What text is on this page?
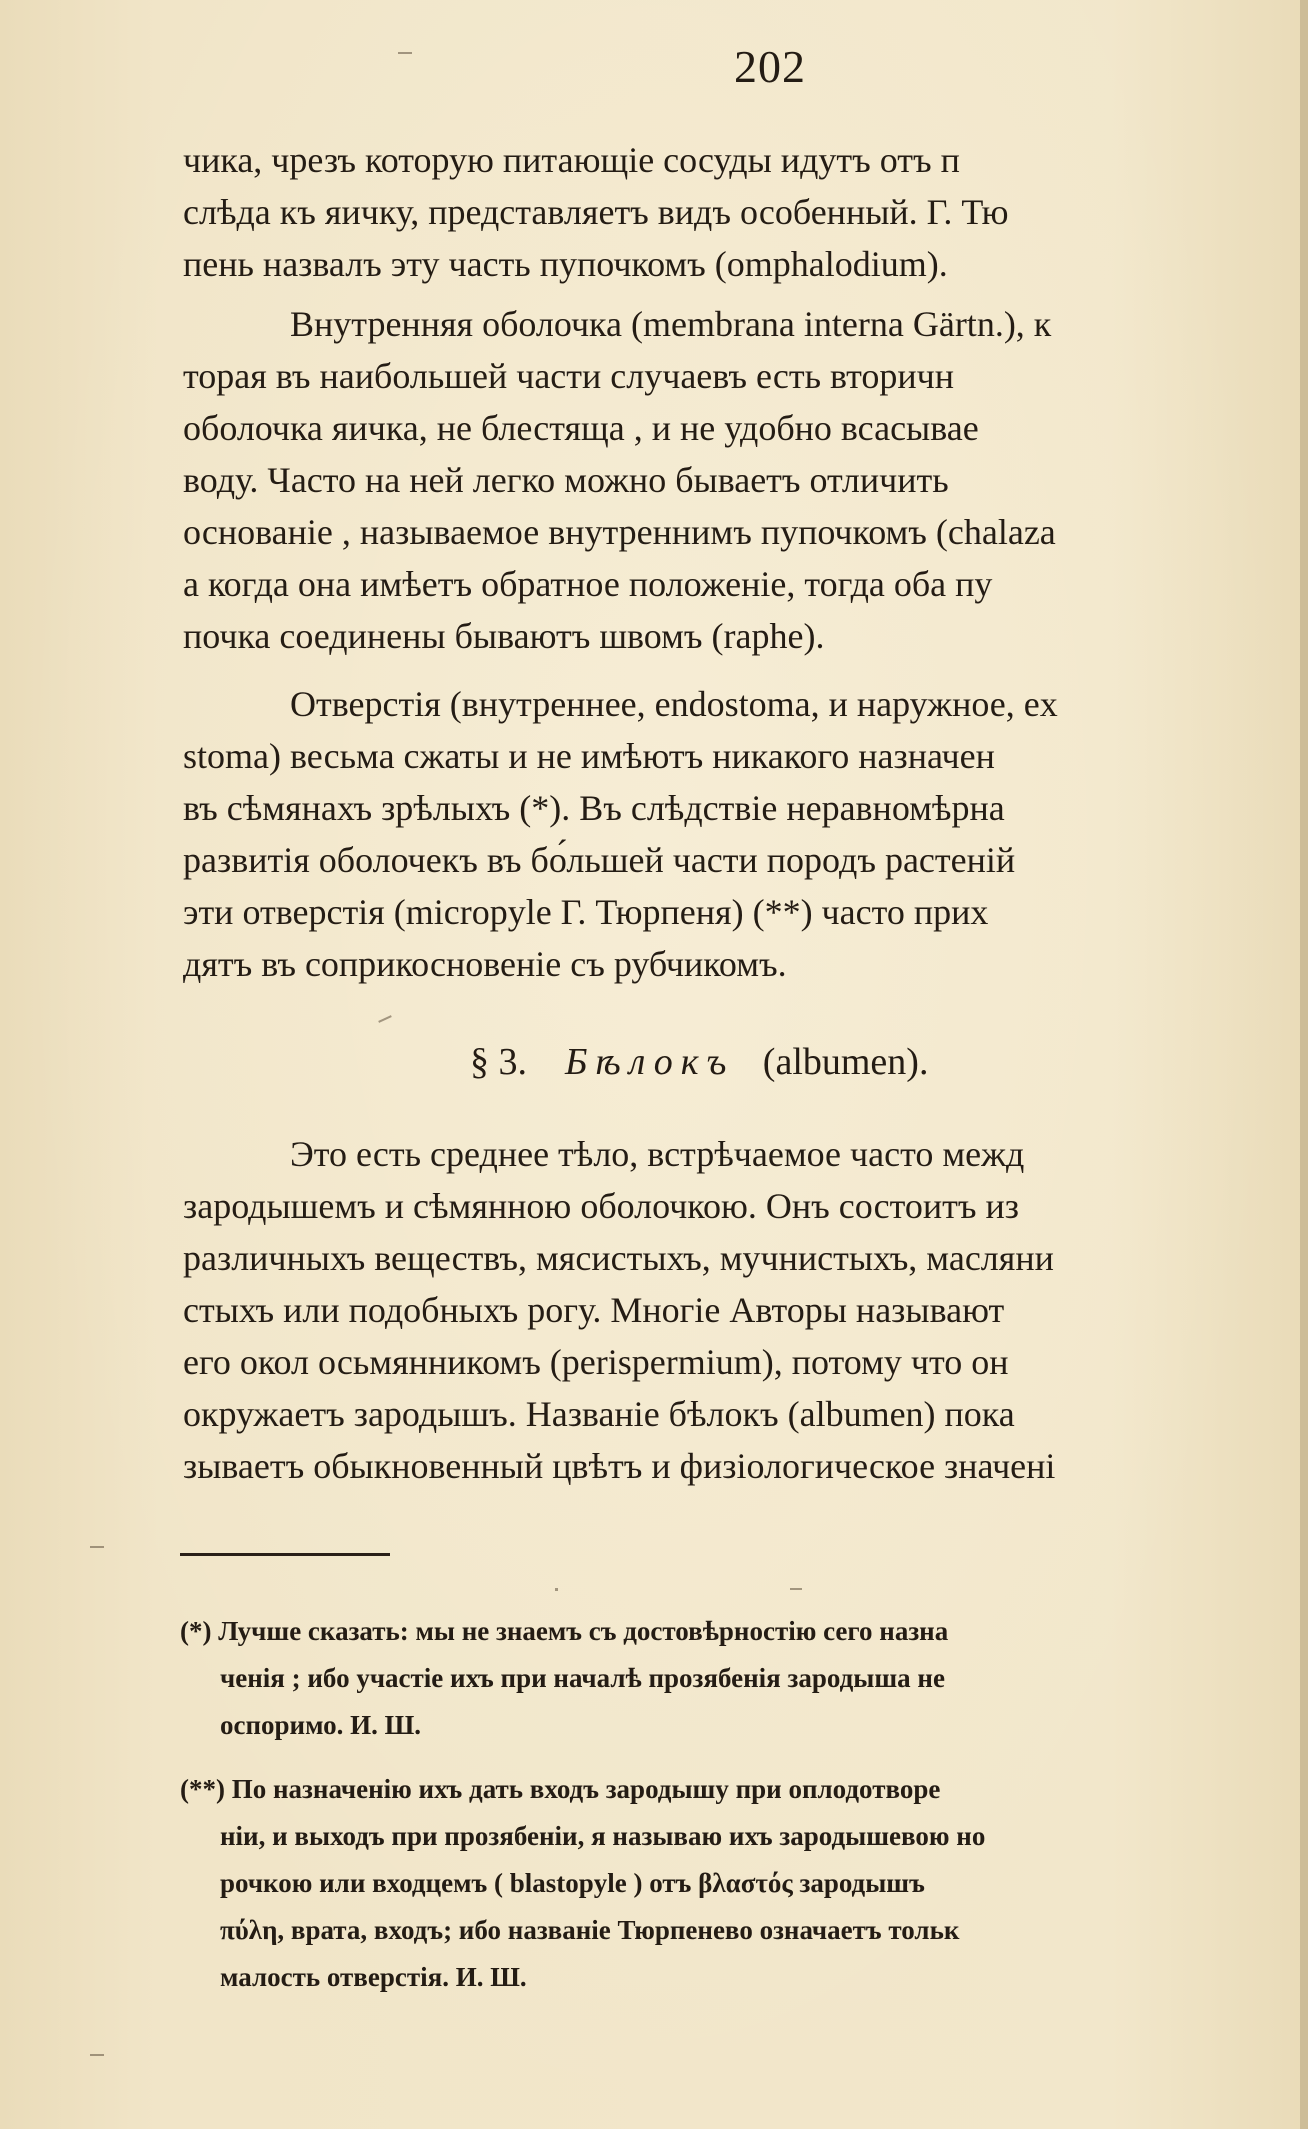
202
чика, чрезъ которую питающіе сосуды идутъ отъ п
слѣда къ яичку, представляетъ видъ особенный. Г. Тю
пень назвалъ эту часть пупочкомъ (omphalodium).
Внутренняя оболочка (membrana interna Gärtn.), к
торая въ наибольшей части случаевъ есть вторичн
оболочка яичка, не блестяща , и не удобно всасывае
воду. Часто на ней легко можно бываетъ отличить
основаніе , называемое внутреннимъ пупочкомъ (chalaza
а когда она имѣетъ обратное положеніе, тогда оба пу
почка соединены бываютъ швомъ (raphe).
Отверстія (внутреннее, endostoma, и наружное, ex
stoma) весьма сжаты и не имѣютъ никакого назначен
въ сѣмянахъ зрѣлыхъ (*). Въ слѣдствіе неравномѣрна
развитія оболочекъ въ бо́льшей части породъ растеній
эти отверстія (micropyle Г. Тюрпеня) (**) часто прих
дятъ въ соприкосновеніе съ рубчикомъ.
§ 3. Бѣлокъ (albumen).
Это есть среднее тѣло, встрѣчаемое часто межд
зародышемъ и сѣмянною оболочкою. Онъ состоитъ из
различныхъ веществъ, мясистыхъ, мучнистыхъ, масляни
стыхъ или подобныхъ рогу. Многіе Авторы называют
его окол осьмянникомъ (perispermium), потому что он
окружаетъ зародышъ. Названіе бѣлокъ (albumen) пока
зываетъ обыкновенный цвѣтъ и физіологическое значені
(*) Лучше сказать: мы не знаемъ съ достовѣрностію сего назна
ченія ; ибо участіе ихъ при началѣ прозябенія зародыша не
оспоримо. И. Ш.
(**) По назначенію ихъ дать входъ зародышу при оплодотворе
ніи, и выходъ при прозябеніи, я называю ихъ зародышевою но
рочкою или входцемъ ( blastopyle ) отъ βλαστός зародышъ
πύλη, врата, входъ; ибо названіе Тюрпенево означаетъ тольк
малость отверстія. И. Ш.
